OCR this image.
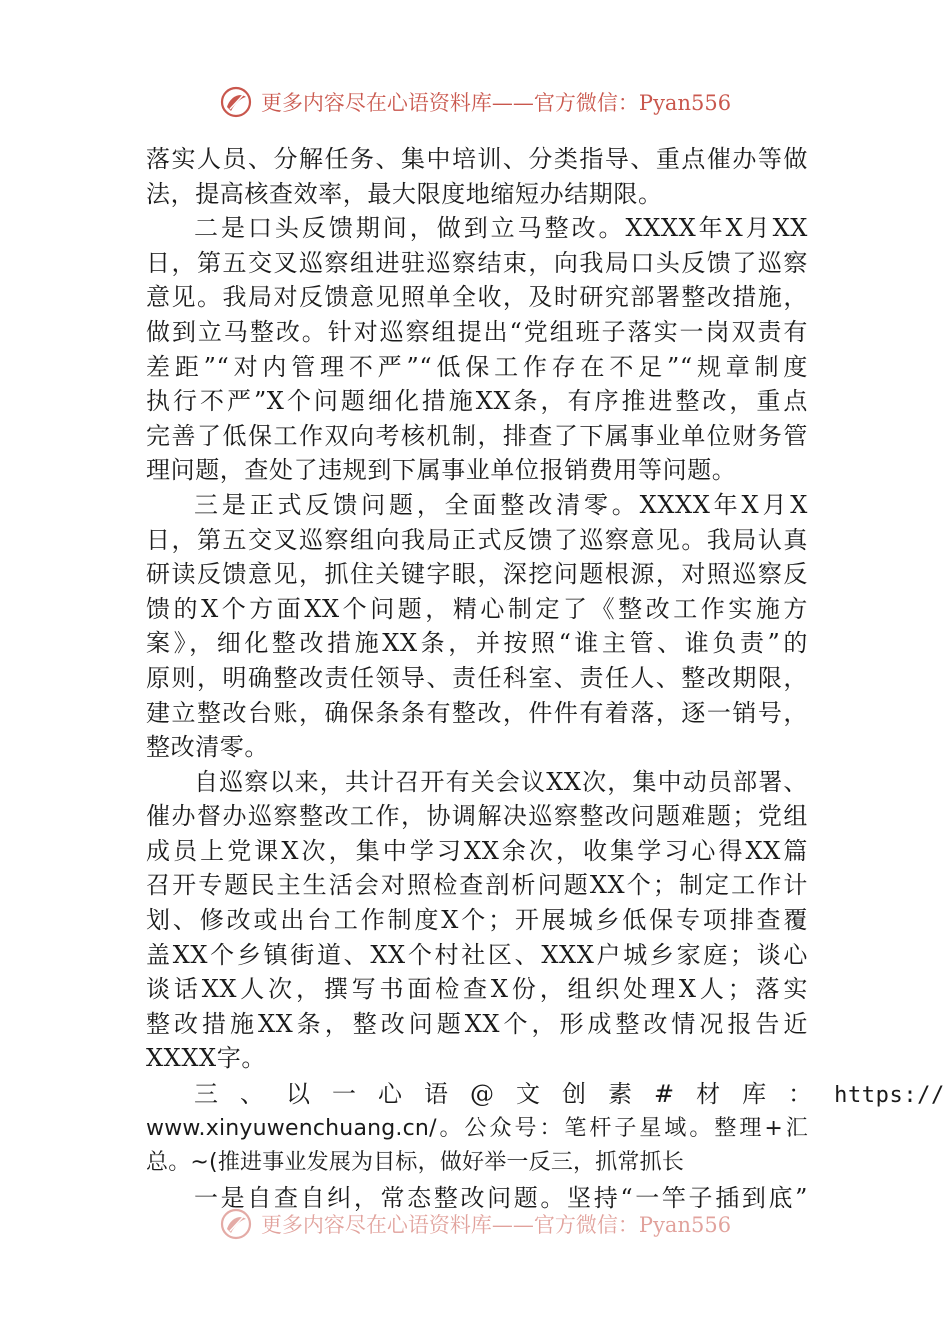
更多内容尽在心语资料库——官方微信：Pyan556
落实人员、分解任务、集中培训、分类指导、重点催办等做
法，提高核查效率，最大限度地缩短办结期限。
二是口头反馈期间，做到立马整改。XXXX年X月XX
日，第五交叉巡察组进驻巡察结束，向我局口头反馈了巡察
意见。我局对反馈意见照单全收，及时研究部署整改措施，
做到立马整改。针对巡察组提出“党组班子落实一岗双责有
差距”“对内管理不严”“低保工作存在不足”“规章制度
执行不严”X个问题细化措施XX条，有序推进整改，重点
完善了低保工作双向考核机制，排查了下属事业单位财务管
理问题，查处了违规到下属事业单位报销费用等问题。
三是正式反馈问题，全面整改清零。XXXX年X月X
日，第五交叉巡察组向我局正式反馈了巡察意见。我局认真
研读反馈意见，抓住关键字眼，深挖问题根源，对照巡察反
馈的X个方面XX个问题，精心制定了《整改工作实施方
案》，细化整改措施XX条，并按照“谁主管、谁负责”的
原则，明确整改责任领导、责任科室、责任人、整改期限，
建立整改台账，确保条条有整改，件件有着落，逐一销号，
整改清零。
自巡察以来，共计召开有关会议XX次，集中动员部署、
催办督办巡察整改工作，协调解决巡察整改问题难题；党组
成员上党课X次，集中学习XX余次，收集学习心得XX篇
召开专题民主生活会对照检查剖析问题XX个；制定工作计
划、修改或出台工作制度X个；开展城乡低保专项排查覆
盖XX个乡镇街道、XX个村社区、XXX户城乡家庭；谈心
谈话XX人次，撰写书面检查X份，组织处理X人；落实
整改措施XX条，整改问题XX个，形成整改情况报告近
XXXX字。
三、以一心语@文创素#材库：https://
www.xinyuwenchuang.cn/。公众号：笔杆子星域。整理+汇
总。~(推进事业发展为目标，做好举一反三，抓常抓长
一是自查自纠，常态整改问题。坚持“一竿子插到底”
更多内容尽在心语资料库——官方微信：Pyan556
